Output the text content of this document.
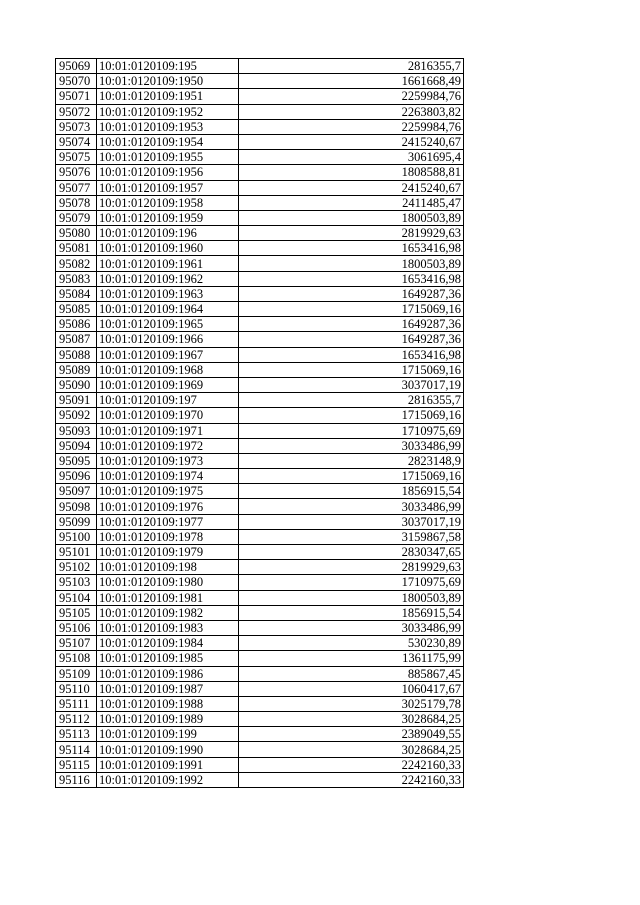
95069	10:01:0120109:195	2816355,7
95070	10:01:0120109:1950	1661668,49
95071	10:01:0120109:1951	2259984,76
95072	10:01:0120109:1952	2263803,82
95073	10:01:0120109:1953	2259984,76
95074	10:01:0120109:1954	2415240,67
95075	10:01:0120109:1955	3061695,4
95076	10:01:0120109:1956	1808588,81
95077	10:01:0120109:1957	2415240,67
95078	10:01:0120109:1958	2411485,47
95079	10:01:0120109:1959	1800503,89
95080	10:01:0120109:196	2819929,63
95081	10:01:0120109:1960	1653416,98
95082	10:01:0120109:1961	1800503,89
95083	10:01:0120109:1962	1653416,98
95084	10:01:0120109:1963	1649287,36
95085	10:01:0120109:1964	1715069,16
95086	10:01:0120109:1965	1649287,36
95087	10:01:0120109:1966	1649287,36
95088	10:01:0120109:1967	1653416,98
95089	10:01:0120109:1968	1715069,16
95090	10:01:0120109:1969	3037017,19
95091	10:01:0120109:197	2816355,7
95092	10:01:0120109:1970	1715069,16
95093	10:01:0120109:1971	1710975,69
95094	10:01:0120109:1972	3033486,99
95095	10:01:0120109:1973	2823148,9
95096	10:01:0120109:1974	1715069,16
95097	10:01:0120109:1975	1856915,54
95098	10:01:0120109:1976	3033486,99
95099	10:01:0120109:1977	3037017,19
95100	10:01:0120109:1978	3159867,58
95101	10:01:0120109:1979	2830347,65
95102	10:01:0120109:198	2819929,63
95103	10:01:0120109:1980	1710975,69
95104	10:01:0120109:1981	1800503,89
95105	10:01:0120109:1982	1856915,54
95106	10:01:0120109:1983	3033486,99
95107	10:01:0120109:1984	530230,89
95108	10:01:0120109:1985	1361175,99
95109	10:01:0120109:1986	885867,45
95110	10:01:0120109:1987	1060417,67
95111	10:01:0120109:1988	3025179,78
95112	10:01:0120109:1989	3028684,25
95113	10:01:0120109:199	2389049,55
95114	10:01:0120109:1990	3028684,25
95115	10:01:0120109:1991	2242160,33
95116	10:01:0120109:1992	2242160,33
